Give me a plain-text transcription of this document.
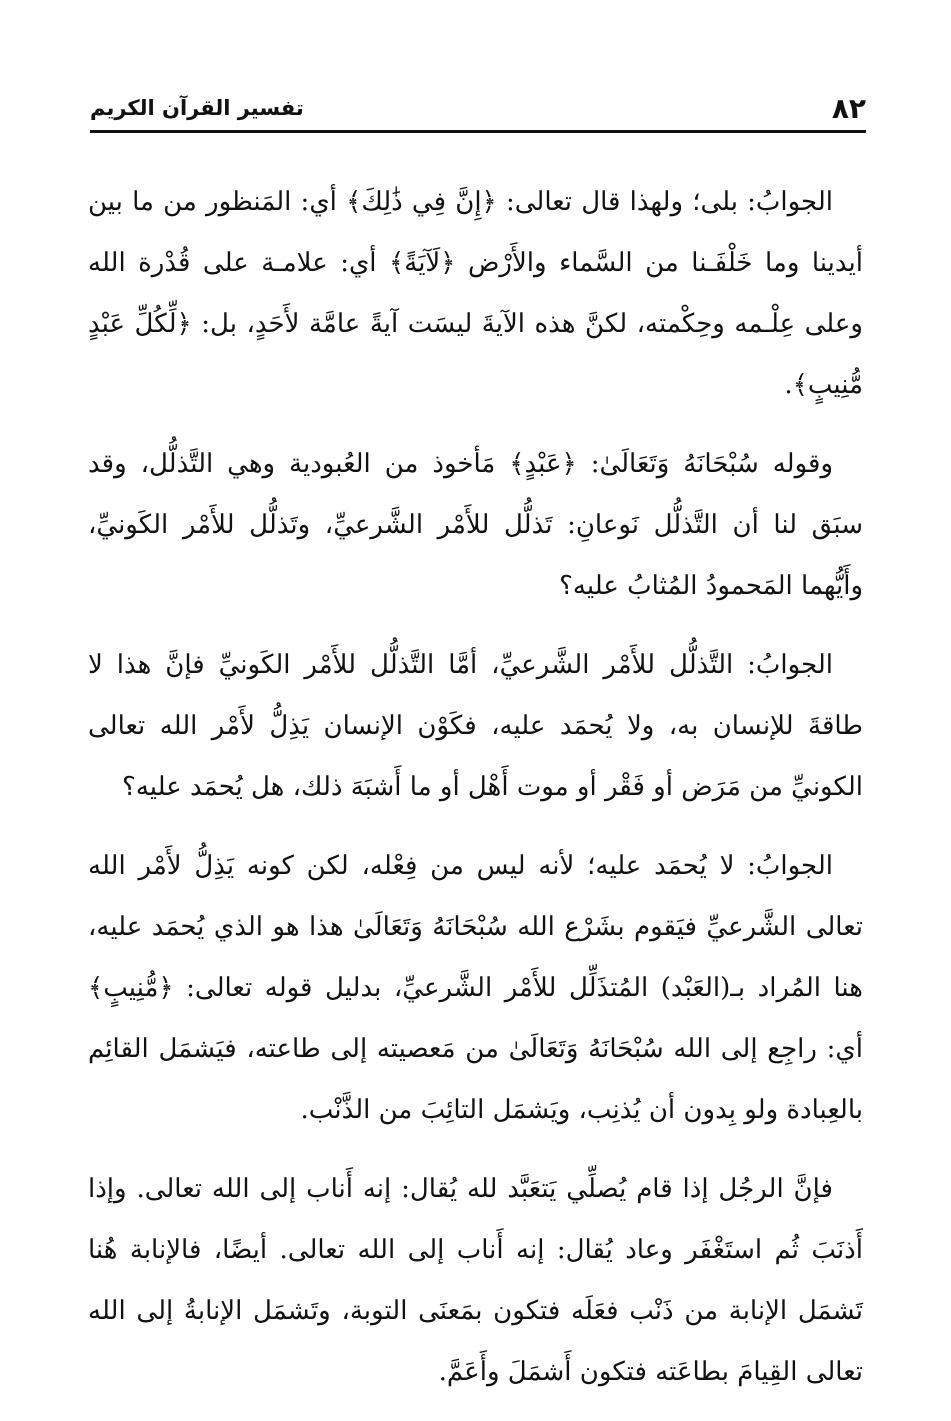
٨٢
تفسير القرآن الكريم

الجوابُ: بلى؛ ولهذا قال تعالى: ﴿إِنَّ فِي ذَٰلِكَ﴾ أي: المَنظور من ما بين أيدينا وما خَلْفَـنا من السَّماء والأَرْض ﴿لَآيَةً﴾ أي: علامـة على قُدْرة الله وعلى عِلْـمه وحِكْمته، لكنَّ هذه الآيةَ ليسَت آيةً عامَّة لأَحَدٍ، بل: ﴿لِّكُلِّ عَبْدٍ مُّنِيبٍ﴾.

وقوله سُبْحَانَهُ وَتَعَالَىٰ: ﴿عَبْدٍ﴾ مَأخوذ من العُبودية وهي التَّذلُّل، وقد سبَق لنا أن التَّذلُّل نَوعانِ: تَذلُّل للأَمْر الشَّرعيِّ، وتَذلُّل للأَمْر الكَونيِّ، وأَيُّهما المَحمودُ المُثابُ عليه؟

الجوابُ: التَّذلُّل للأَمْر الشَّرعيِّ، أمَّا التَّذلُّل للأَمْر الكَونيِّ فإنَّ هذا لا طاقةَ للإنسان به، ولا يُحمَد عليه، فكَوْن الإنسان يَذِلُّ لأَمْر الله تعالى الكونيِّ من مَرَض أو فَقْر أو موت أَهْل أو ما أَشبَهَ ذلك، هل يُحمَد عليه؟

الجوابُ: لا يُحمَد عليه؛ لأنه ليس من فِعْله، لكن كونه يَذِلُّ لأَمْر الله تعالى الشَّرعيِّ فيَقوم بشَرْع الله سُبْحَانَهُ وَتَعَالَىٰ هذا هو الذي يُحمَد عليه، هنا المُراد بـ(العَبْد) المُتذَلِّل للأَمْر الشَّرعيِّ، بدليل قوله تعالى: ﴿مُّنِيبٍ﴾ أي: راجِع إلى الله سُبْحَانَهُ وَتَعَالَىٰ من مَعصيته إلى طاعته، فيَشمَل القائِم بالعِبادة ولو بِدون أن يُذنِب، ويَشمَل التائِبَ من الذَّنْب.

فإنَّ الرجُل إذا قام يُصلِّي يَتعَبَّد لله يُقال: إنه أَناب إلى الله تعالى. وإذا أَذنَبَ ثُم استَغْفَر وعاد يُقال: إنه أَناب إلى الله تعالى. أيضًا، فالإنابة هُنا تَشمَل الإنابة من ذَنْب فعَلَه فتكون بمَعنَى التوبة، وتَشمَل الإنابةُ إلى الله تعالى القِيامَ بطاعَته فتكون أَشمَلَ وأَعَمَّ.
